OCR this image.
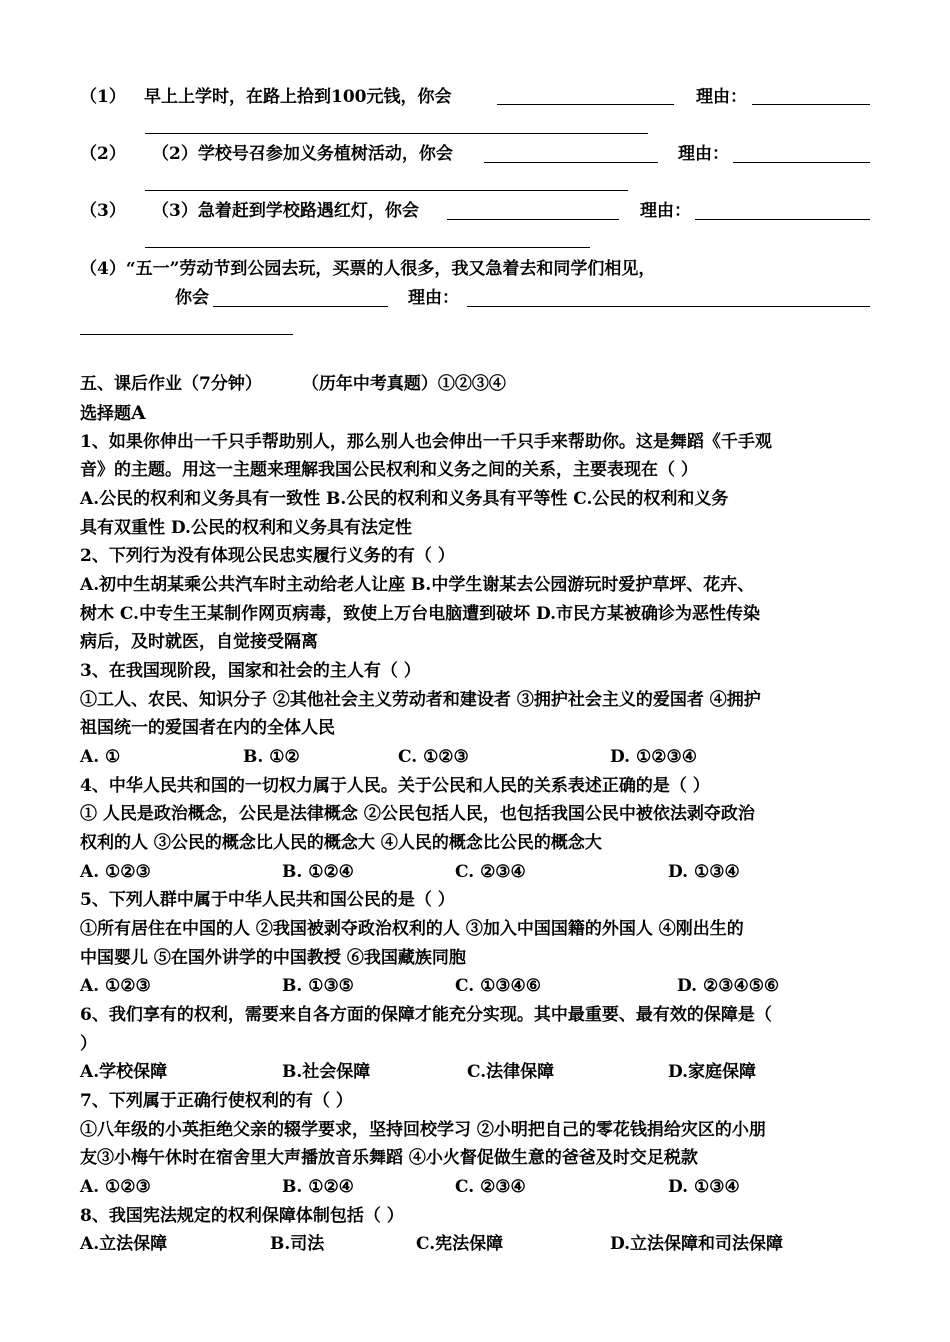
（1） 早上上学时，在路上拾到100元钱，你会	理由：
（2） （2）学校号召参加义务植树活动，你会	理由：
（3） （3）急着赶到学校路遇红灯，你会	理由：
（4）“五一”劳动节到公园去玩，买票的人很多，我又急着去和同学们相见，
你会	理由：
五、课后作业（7分钟） （历年中考真题）①②③④
选择题A
1、如果你伸出一千只手帮助别人，那么别人也会伸出一千只手来帮助你。这是舞蹈《千手观
音》的主题。用这一主题来理解我国公民权利和义务之间的关系，主要表现在（ ）
A.公民的权利和义务具有一致性 B.公民的权利和义务具有平等性 C.公民的权利和义务
具有双重性 D.公民的权利和义务具有法定性
2、下列行为没有体现公民忠实履行义务的有（ ）
A.初中生胡某乘公共汽车时主动给老人让座 B.中学生谢某去公园游玩时爱护草坪、花卉、
树木 C.中专生王某制作网页病毒，致使上万台电脑遭到破坏 D.市民方某被确诊为恶性传染
病后，及时就医，自觉接受隔离
3、在我国现阶段，国家和社会的主人有（ ）
①工人、农民、知识分子 ②其他社会主义劳动者和建设者 ③拥护社会主义的爱国者 ④拥护
祖国统一的爱国者在内的全体人民
A. ①	B. ①②	C. ①②③	D. ①②③④
4、中华人民共和国的一切权力属于人民。关于公民和人民的关系表述正确的是（ ）
① 人民是政治概念，公民是法律概念 ②公民包括人民，也包括我国公民中被依法剥夺政治
权利的人 ③公民的概念比人民的概念大 ④人民的概念比公民的概念大
A. ①②③	B. ①②④	C. ②③④	D. ①③④
5、下列人群中属于中华人民共和国公民的是（ ）
①所有居住在中国的人 ②我国被剥夺政治权利的人 ③加入中国国籍的外国人 ④刚出生的
中国婴儿 ⑤在国外讲学的中国教授 ⑥我国藏族同胞
A. ①②③	B. ①③⑤	C. ①③④⑥	D. ②③④⑤⑥
6、我们享有的权利，需要来自各方面的保障才能充分实现。其中最重要、最有效的保障是（
）
A.学校保障	B.社会保障	C.法律保障	D.家庭保障
7、下列属于正确行使权利的有（ ）
①八年级的小英拒绝父亲的辍学要求，坚持回校学习 ②小明把自己的零花钱捐给灾区的小朋
友③小梅午休时在宿舍里大声播放音乐舞蹈 ④小火督促做生意的爸爸及时交足税款
A. ①②③	B. ①②④	C. ②③④	D. ①③④
8、我国宪法规定的权利保障体制包括（ ）
A.立法保障	B.司法	C.宪法保障	D.立法保障和司法保障
